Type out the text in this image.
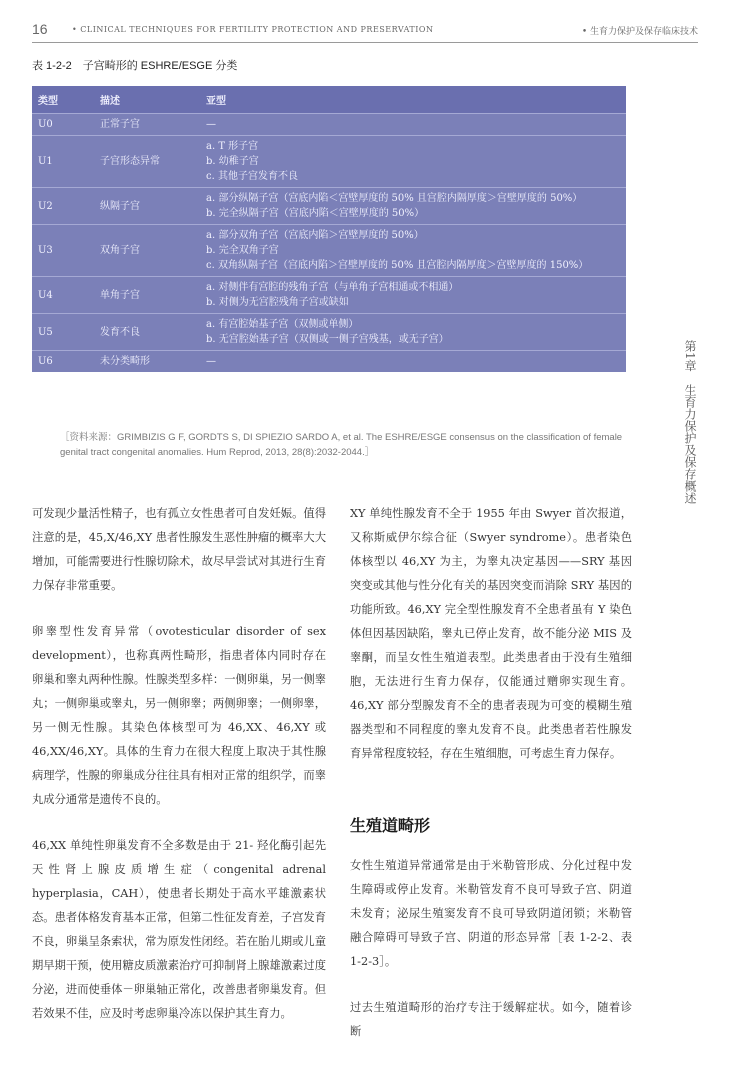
16	• CLINICAL TECHNIQUES FOR FERTILITY PROTECTION AND PRESERVATION	• 生育力保护及保存临床技术
表 1-2-2　子宫畸形的 ESHRE/ESGE 分类
类型	描述	亚型
U0	正常子宫	—

U1	子宫形态异常	a. T 形子宫
b. 幼稚子宫
c. 其他子宫发育不良

U2	纵隔子宫	a. 部分纵隔子宫（宫底内陷＜宫壁厚度的 50% 且宫腔内隔厚度＞宫壁厚度的 50%）
b. 完全纵隔子宫（宫底内陷＜宫壁厚度的 50%）

U3	双角子宫	a. 部分双角子宫（宫底内陷＞宫壁厚度的 50%）
b. 完全双角子宫
c. 双角纵隔子宫（宫底内陷＞宫壁厚度的 50% 且宫腔内隔厚度＞宫壁厚度的 150%）

U4	单角子宫	a. 对侧伴有宫腔的残角子宫（与单角子宫相通或不相通）
b. 对侧为无宫腔残角子宫或缺如

U5	发育不良	a. 有宫腔始基子宫（双侧或单侧）
b. 无宫腔始基子宫（双侧或一侧子宫残基，或无子宫）

U6	未分类畸形	—
［资料来源：GRIMBIZIS G F, GORDTS S, DI SPIEZIO SARDO A, et al. The ESHRE/ESGE consensus on the classification of female genital tract congenital anomalies. Hum Reprod, 2013, 28(8):2032-2044.］
第1章
生育力保护及保存概述

可发现少量活性精子，也有孤立女性患者可自发妊娠。值得注意的是，45,X/46,XY 患者性腺发生恶性肿瘤的概率大大增加，可能需要进行性腺切除术，故尽早尝试对其进行生育力保存非常重要。

卵睾型性发育异常（ovotesticular disorder of sex development），也称真两性畸形，指患者体内同时存在卵巢和睾丸两种性腺。性腺类型多样：一侧卵巢，另一侧睾丸；一侧卵巢或睾丸，另一侧卵睾；两侧卵睾；一侧卵睾，另一侧无性腺。其染色体核型可为 46,XX、46,XY 或 46,XX/46,XY。具体的生育力在很大程度上取决于其性腺病理学，性腺的卵巢成分往往具有相对正常的组织学，而睾丸成分通常是遗传不良的。

46,XX 单纯性卵巢发育不全多数是由于 21- 羟化酶引起先天性肾上腺皮质增生症（congenital adrenal hyperplasia，CAH），使患者长期处于高水平雄激素状态。患者体格发育基本正常，但第二性征发育差，子宫发育不良，卵巢呈条索状，常为原发性闭经。若在胎儿期或儿童期早期干预，使用糖皮质激素治疗可抑制肾上腺雄激素过度分泌，进而使垂体－卵巢轴正常化，改善患者卵巢发育。但若效果不佳，应及时考虑卵巢冷冻以保护其生育力。

XY 单纯性腺发育不全于 1955 年由 Swyer 首次报道，又称斯威伊尔综合征（Swyer syndrome）。患者染色体核型以 46,XY 为主，为睾丸决定基因——SRY 基因突变或其他与性分化有关的基因突变而消除 SRY 基因的功能所致。46,XY 完全型性腺发育不全患者虽有 Y 染色体但因基因缺陷，睾丸已停止发育，故不能分泌 MIS 及睾酮，而呈女性生殖道表型。此类患者由于没有生殖细胞，无法进行生育力保存，仅能通过赠卵实现生育。46,XY 部分型腺发育不全的患者表现为可变的模糊生殖器类型和不同程度的睾丸发育不良。此类患者若性腺发育异常程度较轻，存在生殖细胞，可考虑生育力保存。

生殖道畸形

女性生殖道异常通常是由于米勒管形成、分化过程中发生障碍或停止发育。米勒管发育不良可导致子宫、阴道未发育；泌尿生殖窦发育不良可导致阴道闭锁；米勒管融合障碍可导致子宫、阴道的形态异常［表 1-2-2、表 1-2-3］。

过去生殖道畸形的治疗专注于缓解症状。如今，随着诊断
